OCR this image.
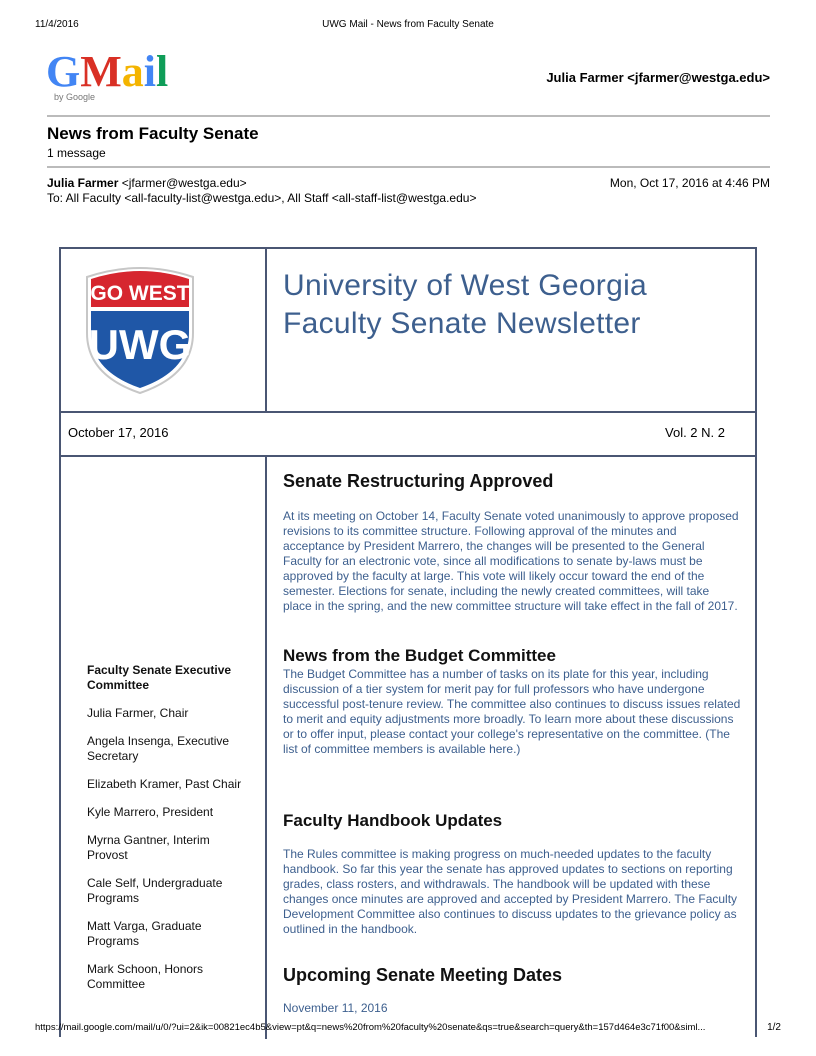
11/4/2016	UWG Mail - News from Faculty Senate
GMail
by Google
Julia Farmer <jfarmer@westga.edu>
News from Faculty Senate
1 message
Julia Farmer <jfarmer@westga.edu>	Mon, Oct 17, 2016 at 4:46 PM
To: All Faculty <all-faculty-list@westga.edu>, All Staff <all-staff-list@westga.edu>
GO WEST
UWG
University of West Georgia
Faculty Senate Newsletter
October 17, 2016	Vol. 2 N. 2
Senate Restructuring Approved

At its meeting on October 14, Faculty Senate voted unanimously to approve proposed revisions to its committee structure. Following approval of the minutes and acceptance by President Marrero, the changes will be presented to the General Faculty for an electronic vote, since all modifications to senate by-laws must be approved by the faculty at large. This vote will likely occur toward the end of the semester. Elections for senate, including the newly created committees, will take place in the spring, and the new committee structure will take effect in the fall of 2017.

News from the Budget Committee

The Budget Committee has a number of tasks on its plate for this year, including discussion of a tier system for merit pay for full professors who have undergone successful post-tenure review. The committee also continues to discuss issues related to merit and equity adjustments more broadly. To learn more about these discussions or to offer input, please contact your college's representative on the committee. (The list of committee members is available here.)

Faculty Handbook Updates

The Rules committee is making progress on much-needed updates to the faculty handbook. So far this year the senate has approved updates to sections on reporting grades, class rosters, and withdrawals. The handbook will be updated with these changes once minutes are approved and accepted by President Marrero. The Faculty Development Committee also continues to discuss updates to the grievance policy as outlined in the handbook.

Upcoming Senate Meeting Dates

November 11, 2016

Faculty Senate Executive Committee
Julia Farmer, Chair
Angela Insenga, Executive Secretary
Elizabeth Kramer, Past Chair
Kyle Marrero, President
Myrna Gantner, Interim Provost
Cale Self, Undergraduate Programs
Matt Varga, Graduate Programs
Mark Schoon, Honors Committee
https://mail.google.com/mail/u/0/?ui=2&ik=00821ec4b5&view=pt&q=news%20from%20faculty%20senate&qs=true&search=query&th=157d464e3c71f00&siml...	1/2
